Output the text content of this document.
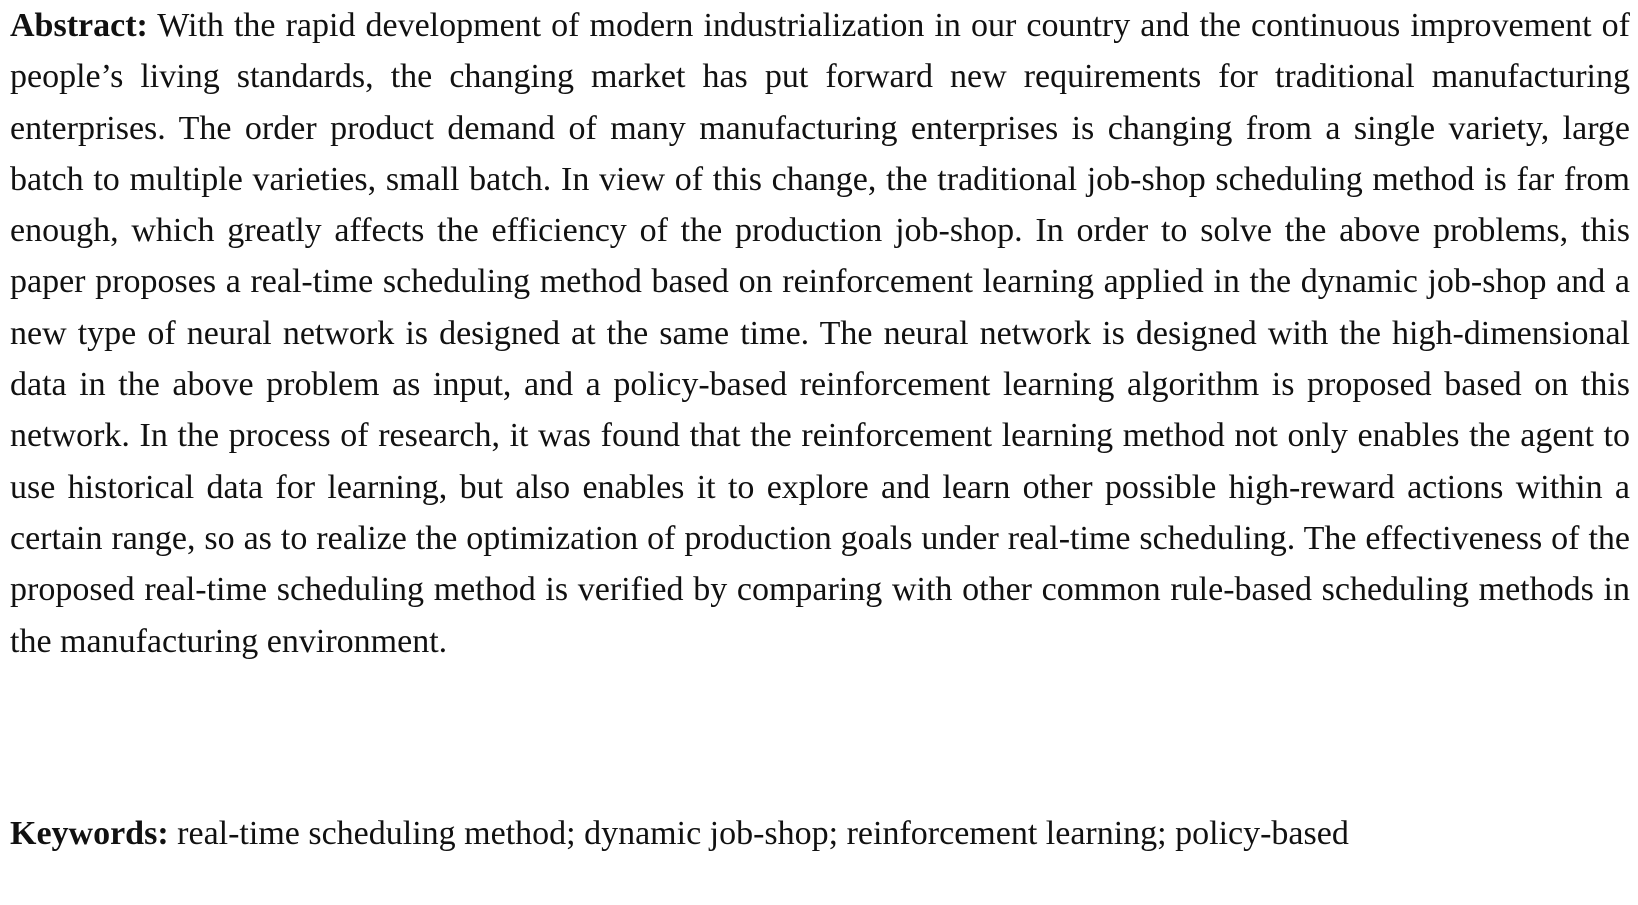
Abstract: With the rapid development of modern industrialization in our country and the continuous improvement of people’s living standards, the changing market has put forward new requirements for traditional manufacturing enterprises. The order product demand of many manufacturing enterprises is changing from a single variety, large batch to multiple varieties, small batch. In view of this change, the traditional job-shop scheduling method is far from enough, which greatly affects the efficiency of the production job-shop. In order to solve the above problems, this paper proposes a real-time scheduling method based on reinforcement learning applied in the dynamic job-shop and a new type of neural network is designed at the same time. The neural network is designed with the high-dimensional data in the above problem as input, and a policy-based reinforcement learning algorithm is proposed based on this network. In the process of research, it was found that the reinforcement learning method not only enables the agent to use historical data for learning, but also enables it to explore and learn other possible high-reward actions within a certain range, so as to realize the optimization of production goals under real-time scheduling. The effectiveness of the proposed real-time scheduling method is verified by comparing with other common rule-based scheduling methods in the manufacturing environment.

Keywords: real-time scheduling method; dynamic job-shop; reinforcement learning; policy-based
